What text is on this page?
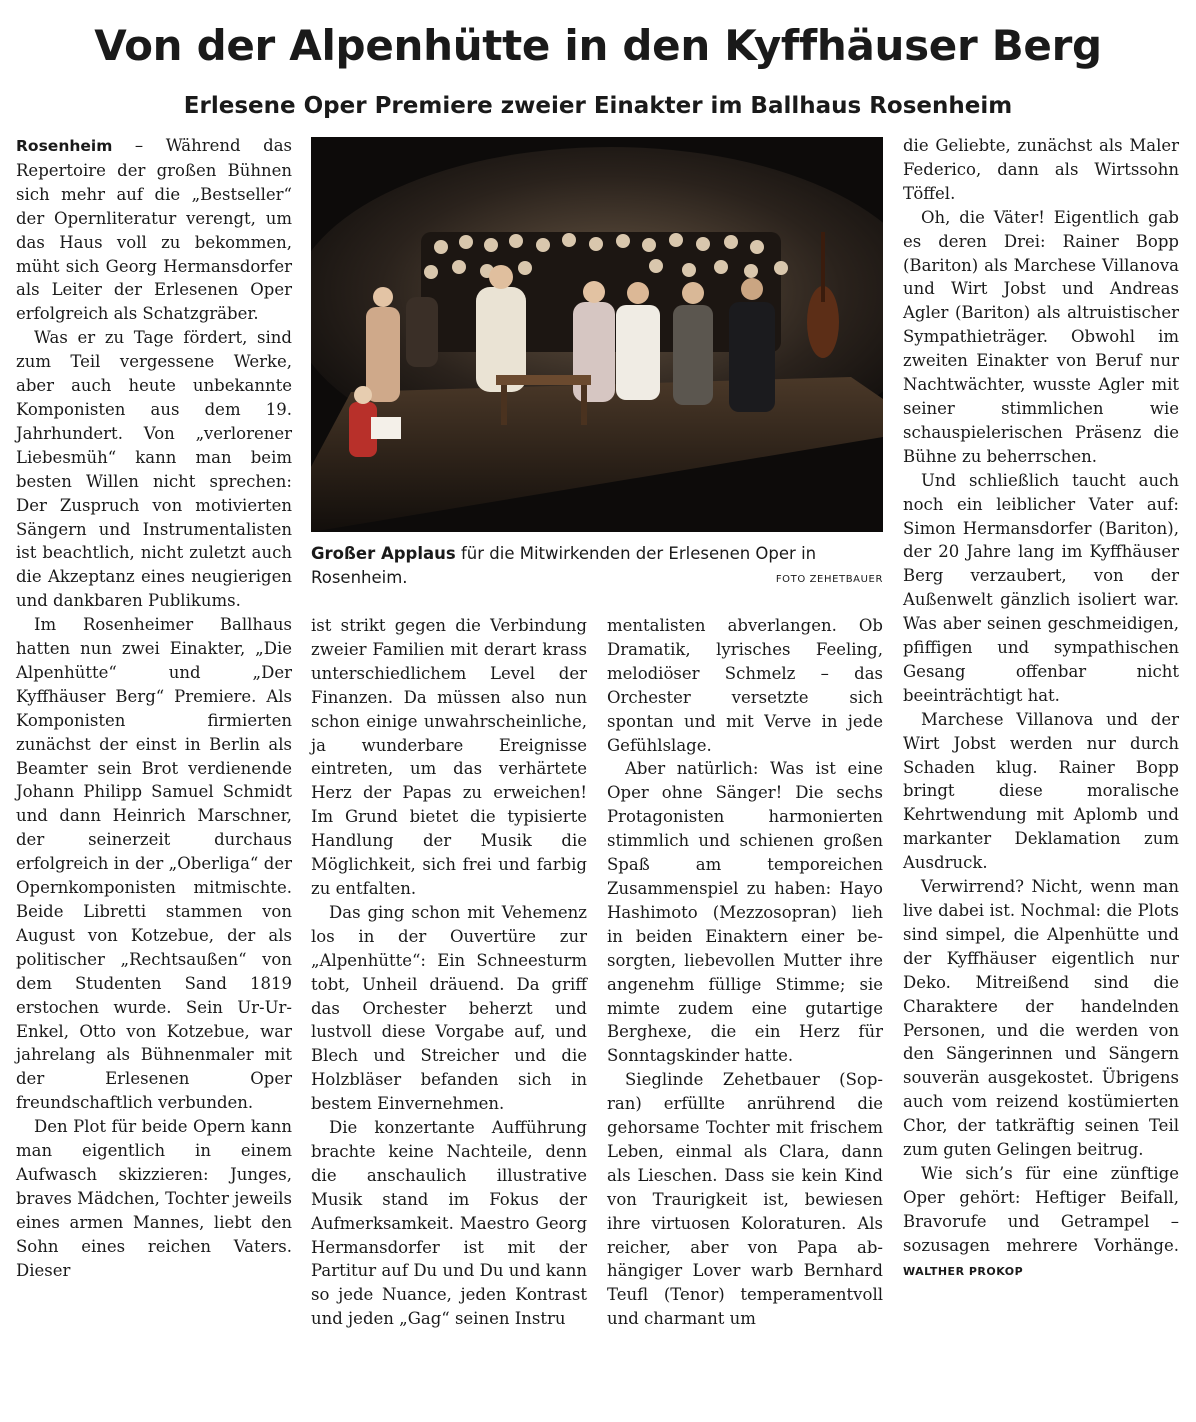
Von der Alpenhütte in den Kyffhäuser Berg
Erlesene Oper Premiere zweier Einakter im Ballhaus Rosenheim

Rosenheim – Während das Repertoire der großen Bühnen sich mehr auf die „Bestseller“ der Opernliteratur verengt, um das Haus voll zu bekommen, müht sich Georg Hermansdorfer als Leiter der Erlesenen Oper erfolgreich als Schatzgräber.

Was er zu Tage fördert, sind zum Teil vergessene Werke, aber auch heute unbekannte Komponisten aus dem 19. Jahrhundert. Von „verlorener Liebesmüh“ kann man beim besten Willen nicht sprechen: Der Zuspruch von motivierten Sängern und Instrumentalisten ist beachtlich, nicht zuletzt auch die Akzeptanz eines neugierigen und dankbaren Publikums.

Im Rosenheimer Ballhaus hatten nun zwei Einakter, „Die Alpenhütte“ und „Der Kyffhäuser Berg“ Premiere. Als Komponisten firmierten zunächst der einst in Berlin als Beamter sein Brot verdienende Johann Philipp Samuel Schmidt und dann Heinrich Marschner, der seinerzeit durchaus erfolgreich in der „Oberliga“ der Opernkomponisten mitmischte. Beide Libretti stammen von August von Kotzebue, der als politischer „Rechtsaußen“ von dem Studenten Sand 1819 erstochen wurde. Sein Ur-Ur-Enkel, Otto von Kotzebue, war jahrelang als Bühnenmaler mit der Erlesenen Oper freundschaftlich verbunden.

Den Plot für beide Opern kann man eigentlich in einem Aufwasch skizzieren: Junges, braves Mädchen, Tochter jeweils eines armen Mannes, liebt den Sohn eines reichen Vaters. Dieser

Großer Applaus für die Mitwirkenden der Erlesenen Oper in Rosenheim.	FOTO ZEHETBAUER

ist strikt gegen die Verbindung zweier Familien mit derart krass unterschiedlichem Level der Finanzen. Da müssen also nun schon einige unwahrscheinliche, ja wunderbare Ereignisse eintreten, um das verhärtete Herz der Papas zu erweichen! Im Grund bietet die typisierte Handlung der Musik die Möglichkeit, sich frei und farbig zu entfalten.

Das ging schon mit Vehemenz los in der Ouvertüre zur „Alpenhütte“: Ein Schneesturm tobt, Unheil dräuend. Da griff das Orchester beherzt und lustvoll diese Vorgabe auf, und Blech und Streicher und die Holzbläser befanden sich in bestem Einvernehmen.

Die konzertante Aufführung brachte keine Nachteile, denn die anschaulich illustrative Musik stand im Fokus der Aufmerksamkeit. Maestro Georg Hermansdorfer ist mit der Partitur auf Du und Du und kann so jede Nuance, jeden Kontrast und jeden „Gag“ seinen Instru

mentalisten abverlangen. Ob Dramatik, lyrisches Feeling, melodiöser Schmelz – das Orchester versetzte sich spontan und mit Verve in jede Gefühlslage.

Aber natürlich: Was ist eine Oper ohne Sänger! Die sechs Protagonisten harmonierten stimmlich und schienen großen Spaß am temporeichen Zusammenspiel zu haben: Hayo Hashimoto (Mezzosopran) lieh in beiden Einaktern einer besorgten, liebevollen Mutter ihre angenehm füllige Stimme; sie mimte zudem eine gutartige Berghexe, die ein Herz für Sonntagskinder hatte.

Sieglinde Zehetbauer (Sopran) erfüllte anrührend die gehorsame Tochter mit frischem Leben, einmal als Clara, dann als Lieschen. Dass sie kein Kind von Traurigkeit ist, bewiesen ihre virtuosen Koloraturen. Als reicher, aber von Papa abhängiger Lover warb Bernhard Teufl (Tenor) temperamentvoll und charmant um

die Geliebte, zunächst als Maler Federico, dann als Wirtssohn Töffel.

Oh, die Väter! Eigentlich gab es deren Drei: Rainer Bopp (Bariton) als Marchese Villanova und Wirt Jobst und Andreas Agler (Bariton) als altruistischer Sympathieträger. Obwohl im zweiten Einakter von Beruf nur Nachtwächter, wusste Agler mit seiner stimmlichen wie schauspielerischen Präsenz die Bühne zu beherrschen.

Und schließlich taucht auch noch ein leiblicher Vater auf: Simon Hermansdorfer (Bariton), der 20 Jahre lang im Kyffhäuser Berg verzaubert, von der Außenwelt gänzlich isoliert war. Was aber seinen geschmeidigen, pfiffigen und sympathischen Gesang offenbar nicht beeinträchtigt hat.

Marchese Villanova und der Wirt Jobst werden nur durch Schaden klug. Rainer Bopp bringt diese moralische Kehrtwendung mit Aplomb und markanter Deklamation zum Ausdruck.

Verwirrend? Nicht, wenn man live dabei ist. Nochmal: die Plots sind simpel, die Alpenhütte und der Kyffhäuser eigentlich nur Deko. Mitreißend sind die Charaktere der handelnden Personen, und die werden von den Sängerinnen und Sängern souverän ausgekostet. Übrigens auch vom reizend kostümierten Chor, der tatkräftig seinen Teil zum guten Gelingen beitrug.

Wie sich’s für eine zünftige Oper gehört: Heftiger Beifall, Bravorufe und Getrampel – sozusagen mehrere Vorhänge. WALTHER PROKOP
